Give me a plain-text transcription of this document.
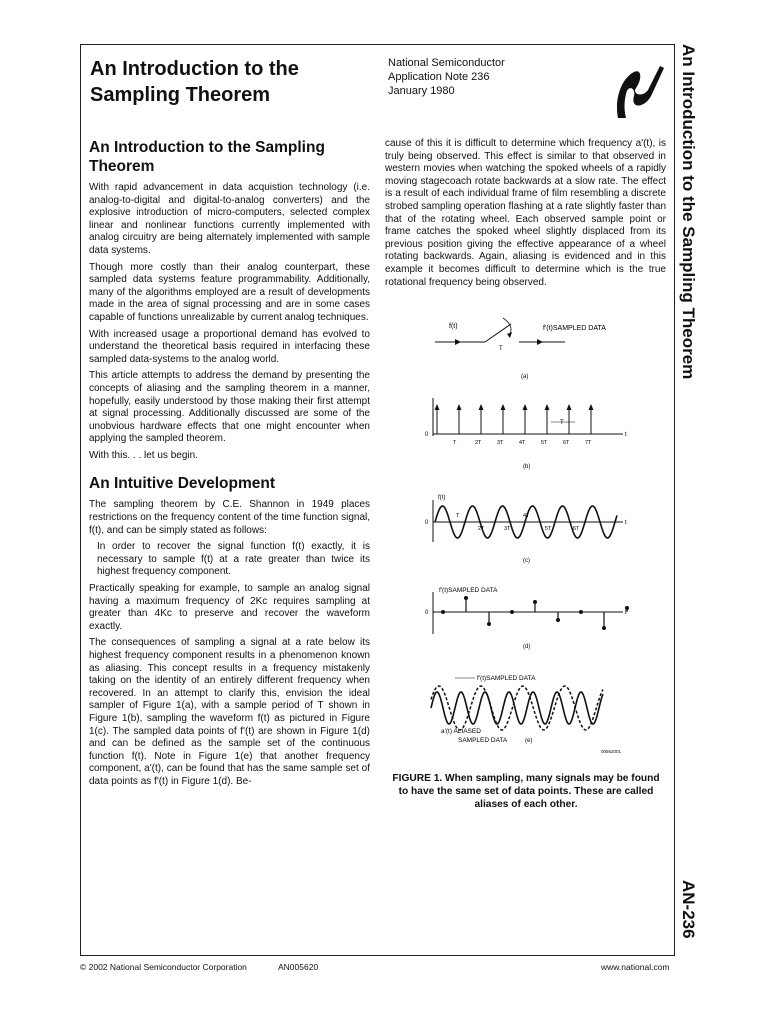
An Introduction to the Sampling Theorem
National Semiconductor
Application Note 236
January 1980	An Introduction to the Sampling Theorem
AN-236
An Introduction to the Sampling Theorem

With rapid advancement in data acquistion technology (i.e. analog-to-digital and digital-to-analog converters) and the explosive introduction of micro-computers, selected complex linear and nonlinear functions currently implemented with analog circuitry are being alternately implemented with sample data systems.

Though more costly than their analog counterpart, these sampled data systems feature programmability. Additionally, many of the algorithms employed are a result of developments made in the area of signal processing and are in some cases capable of functions unrealizable by current analog techniques.

With increased usage a proportional demand has evolved to understand the theoretical basis required in interfacing these sampled data-systems to the analog world.

This article attempts to address the demand by presenting the concepts of aliasing and the sampling theorem in a manner, hopefully, easily understood by those making their first attempt at signal processing. Additionally discussed are some of the unobvious hardware effects that one might encounter when applying the sampled theorem.

With this. . . let us begin.

An Intuitive Development

The sampling theorem by C.E. Shannon in 1949 places restrictions on the frequency content of the time function signal, f(t), and can be simply stated as follows:

In order to recover the signal function f(t) exactly, it is necessary to sample f(t) at a rate greater than twice its highest frequency component.

Practically speaking for example, to sample an analog signal having a maximum frequency of 2Kc requires sampling at greater than 4Kc to preserve and recover the waveform exactly.

The consequences of sampling a signal at a rate below its highest frequency component results in a phenomenon known as aliasing. This concept results in a frequency mistakenly taking on the identity of an entirely different frequency when recovered. In an attempt to clarify this, envision the ideal sampler of Figure 1(a), with a sample period of T shown in Figure 1(b), sampling the waveform f(t) as pictured in Figure 1(c). The sampled data points of f'(t) are shown in Figure 1(d) and can be defined as the sample set of the continuous function f(t). Note in Figure 1(e) that another frequency component, a'(t), can be found that has the same sample set of data points as f'(t) in Figure 1(d). Be-

cause of this it is difficult to determine which frequency a'(t), is truly being observed. This effect is similar to that observed in western movies when watching the spoked wheels of a rapidly moving stagecoach rotate backwards at a slow rate. The effect is a result of each individual frame of film resembling a discrete strobed sampling operation flashing at a rate slightly faster than that of the rotating wheel. Each observed sample point or frame catches the spoked wheel slightly displaced from its previous position giving the effective appearance of a wheel rotating backwards. Again, aliasing is evidenced and in this example it becomes difficult to determine which is the true rotational frequency being observed.

f(t)
T
f'(t)SAMPLED DATA
(a)
0	t
T	2T	3T	4T	5T	6T	7T
T
(b)
f(t)
0	t
T
2T	3T
4T
5T	6T
(c)
f'(t)SAMPLED DATA
0	t
(d)
f'(t)SAMPLED DATA
a'(t) ALIASED
SAMPLED DATA	(e)
00562001
FIGURE 1. When sampling, many signals may be found to have the same set of data points. These are called aliases of each other.
© 2002 National Semiconductor Corporation	AN005620	www.national.com
